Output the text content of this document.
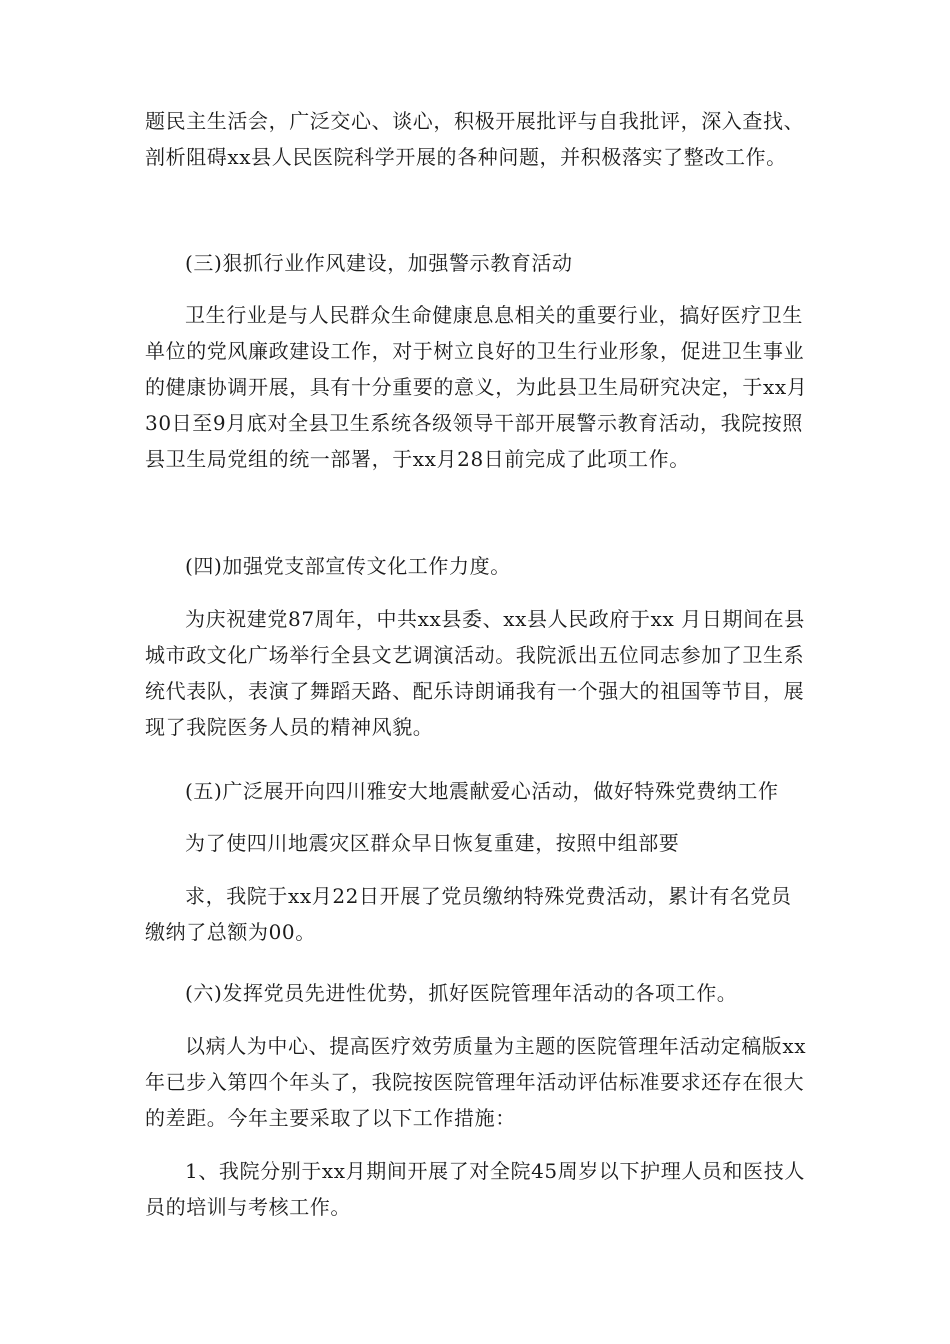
题民主生活会，广泛交心、谈心，积极开展批评与自我批评，深入查找、剖析阻碍xx县人民医院科学开展的各种问题，并积极落实了整改工作。

(三)狠抓行业作风建设，加强警示教育活动

卫生行业是与人民群众生命健康息息相关的重要行业，搞好医疗卫生单位的党风廉政建设工作，对于树立良好的卫生行业形象，促进卫生事业的健康协调开展，具有十分重要的意义，为此县卫生局研究决定，于xx月30日至9月底对全县卫生系统各级领导干部开展警示教育活动，我院按照县卫生局党组的统一部署，于xx月28日前完成了此项工作。

(四)加强党支部宣传文化工作力度。

为庆祝建党87周年，中共xx县委、xx县人民政府于xx 月日期间在县城市政文化广场举行全县文艺调演活动。我院派出五位同志参加了卫生系统代表队，表演了舞蹈天路、配乐诗朗诵我有一个强大的祖国等节目，展现了我院医务人员的精神风貌。

(五)广泛展开向四川雅安大地震献爱心活动，做好特殊党费纳工作

为了使四川地震灾区群众早日恢复重建，按照中组部要

求，我院于xx月22日开展了党员缴纳特殊党费活动，累计有名党员缴纳了总额为00。

(六)发挥党员先进性优势，抓好医院管理年活动的各项工作。

以病人为中心、提高医疗效劳质量为主题的医院管理年活动定稿版xx年已步入第四个年头了，我院按医院管理年活动评估标准要求还存在很大的差距。今年主要采取了以下工作措施：

1、我院分别于xx月期间开展了对全院45周岁以下护理人员和医技人员的培训与考核工作。
